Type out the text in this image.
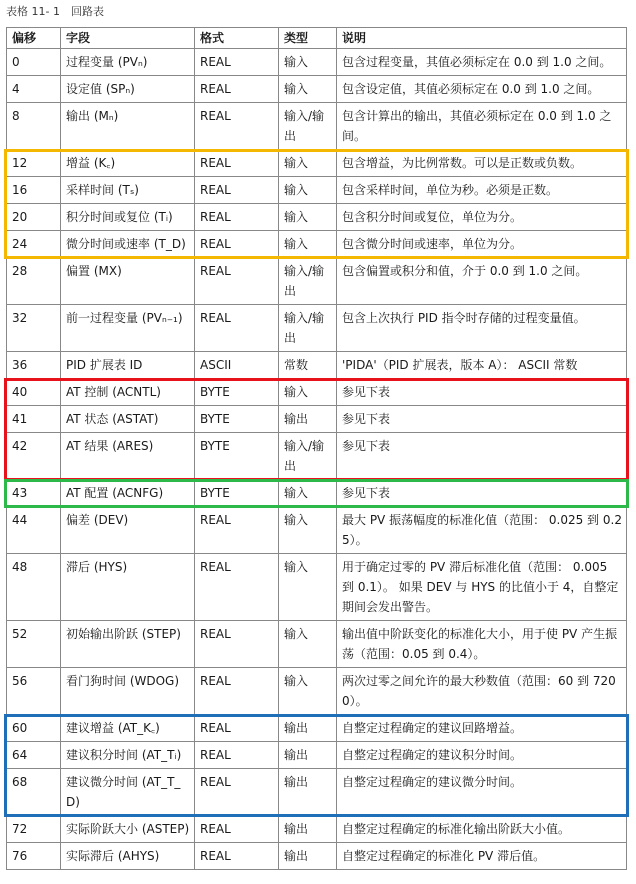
表格 11- 1　回路表
偏移	字段	格式	类型	说明
0	过程变量 (PVₙ)	REAL	输入	包含过程变量，其值必须标定在 0.0 到 1.0 之间。
4	设定值 (SPₙ)	REAL	输入	包含设定值，其值必须标定在 0.0 到 1.0 之间。
8	输出 (Mₙ)	REAL	输入/输出	包含计算出的输出，其值必须标定在 0.0 到 1.0 之间。
12	增益 (K꜀)	REAL	输入	包含增益，为比例常数。可以是正数或负数。
16	采样时间 (Tₛ)	REAL	输入	包含采样时间，单位为秒。必须是正数。
20	积分时间或复位 (Tᵢ)	REAL	输入	包含积分时间或复位，单位为分。
24	微分时间或速率 (T_D)	REAL	输入	包含微分时间或速率，单位为分。
28	偏置 (MX)	REAL	输入/输出	包含偏置或积分和值，介于 0.0 到 1.0 之间。
32	前一过程变量 (PVₙ₋₁)	REAL	输入/输出	包含上次执行 PID 指令时存储的过程变量值。
36	PID 扩展表 ID	ASCII	常数	'PIDA'（PID 扩展表，版本 A）： ASCII 常数
40	AT 控制 (ACNTL)	BYTE	输入	参见下表
41	AT 状态 (ASTAT)	BYTE	输出	参见下表
42	AT 结果 (ARES)	BYTE	输入/输出	参见下表
43	AT 配置 (ACNFG)	BYTE	输入	参见下表
44	偏差 (DEV)	REAL	输入	最大 PV 振荡幅度的标准化值（范围： 0.025 到 0.25）。
48	滞后 (HYS)	REAL	输入	用于确定过零的 PV 滞后标准化值（范围： 0.005 到 0.1）。 如果 DEV 与 HYS 的比值小于 4，自整定期间会发出警告。
52	初始输出阶跃 (STEP)	REAL	输入	输出值中阶跃变化的标准化大小，用于使 PV 产生振荡（范围：0.05 到 0.4）。
56	看门狗时间 (WDOG)	REAL	输入	两次过零之间允许的最大秒数值（范围：60 到 7200）。
60	建议增益 (AT_K꜀)	REAL	输出	自整定过程确定的建议回路增益。
64	建议积分时间 (AT_Tᵢ)	REAL	输出	自整定过程确定的建议积分时间。
68	建议微分时间 (AT_T_D)	REAL	输出	自整定过程确定的建议微分时间。
72	实际阶跃大小 (ASTEP)	REAL	输出	自整定过程确定的标准化输出阶跃大小值。
76	实际滞后 (AHYS)	REAL	输出	自整定过程确定的标准化 PV 滞后值。
